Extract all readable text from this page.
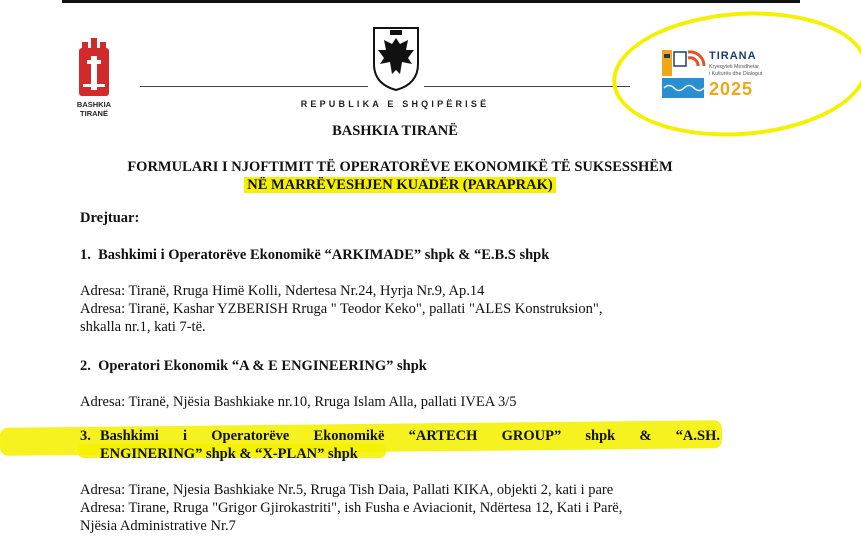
BASHKIA
TIRANË
REPUBLIKA E SHQIPËRISË
TIRANA
Kryeqyteti Mesdhetar
i Kulturës dhe Dialogut
2025
BASHKIA TIRANË
FORMULARI I NJOFTIMIT TË OPERATORËVE EKONOMIKË TË SUKSESSHËM
NË MARRËVESHJEN KUADËR (PARAPRAK)

Drejtuar:

1. Bashkimi i Operatorëve Ekonomikë “ARKIMADE” shpk & “E.B.S shpk

Adresa: Tiranë, Rruga Himë Kolli, Ndertesa Nr.24, Hyrja Nr.9, Ap.14

Adresa: Tiranë, Kashar YZBERISH Rruga " Teodor Keko", pallati "ALES Konstruksion",

shkalla nr.1, kati 7-të.

2. Operatori Ekonomik “A & E ENGINEERING” shpk

Adresa: Tiranë, Njësia Bashkiake nr.10, Rruga Islam Alla, pallati IVEA 3/5

3. Bashkimi i Operatorëve Ekonomikë “ARTECH GROUP” shpk & “A.SH.

ENGINERING” shpk & “X-PLAN” shpk

Adresa: Tirane, Njesia Bashkiake Nr.5, Rruga Tish Daia, Pallati KIKA, objekti 2, kati i pare

Adresa: Tirane, Rruga "Grigor Gjirokastriti", ish Fusha e Aviacionit, Ndërtesa 12, Kati i Parë,

Njësia Administrative Nr.7
